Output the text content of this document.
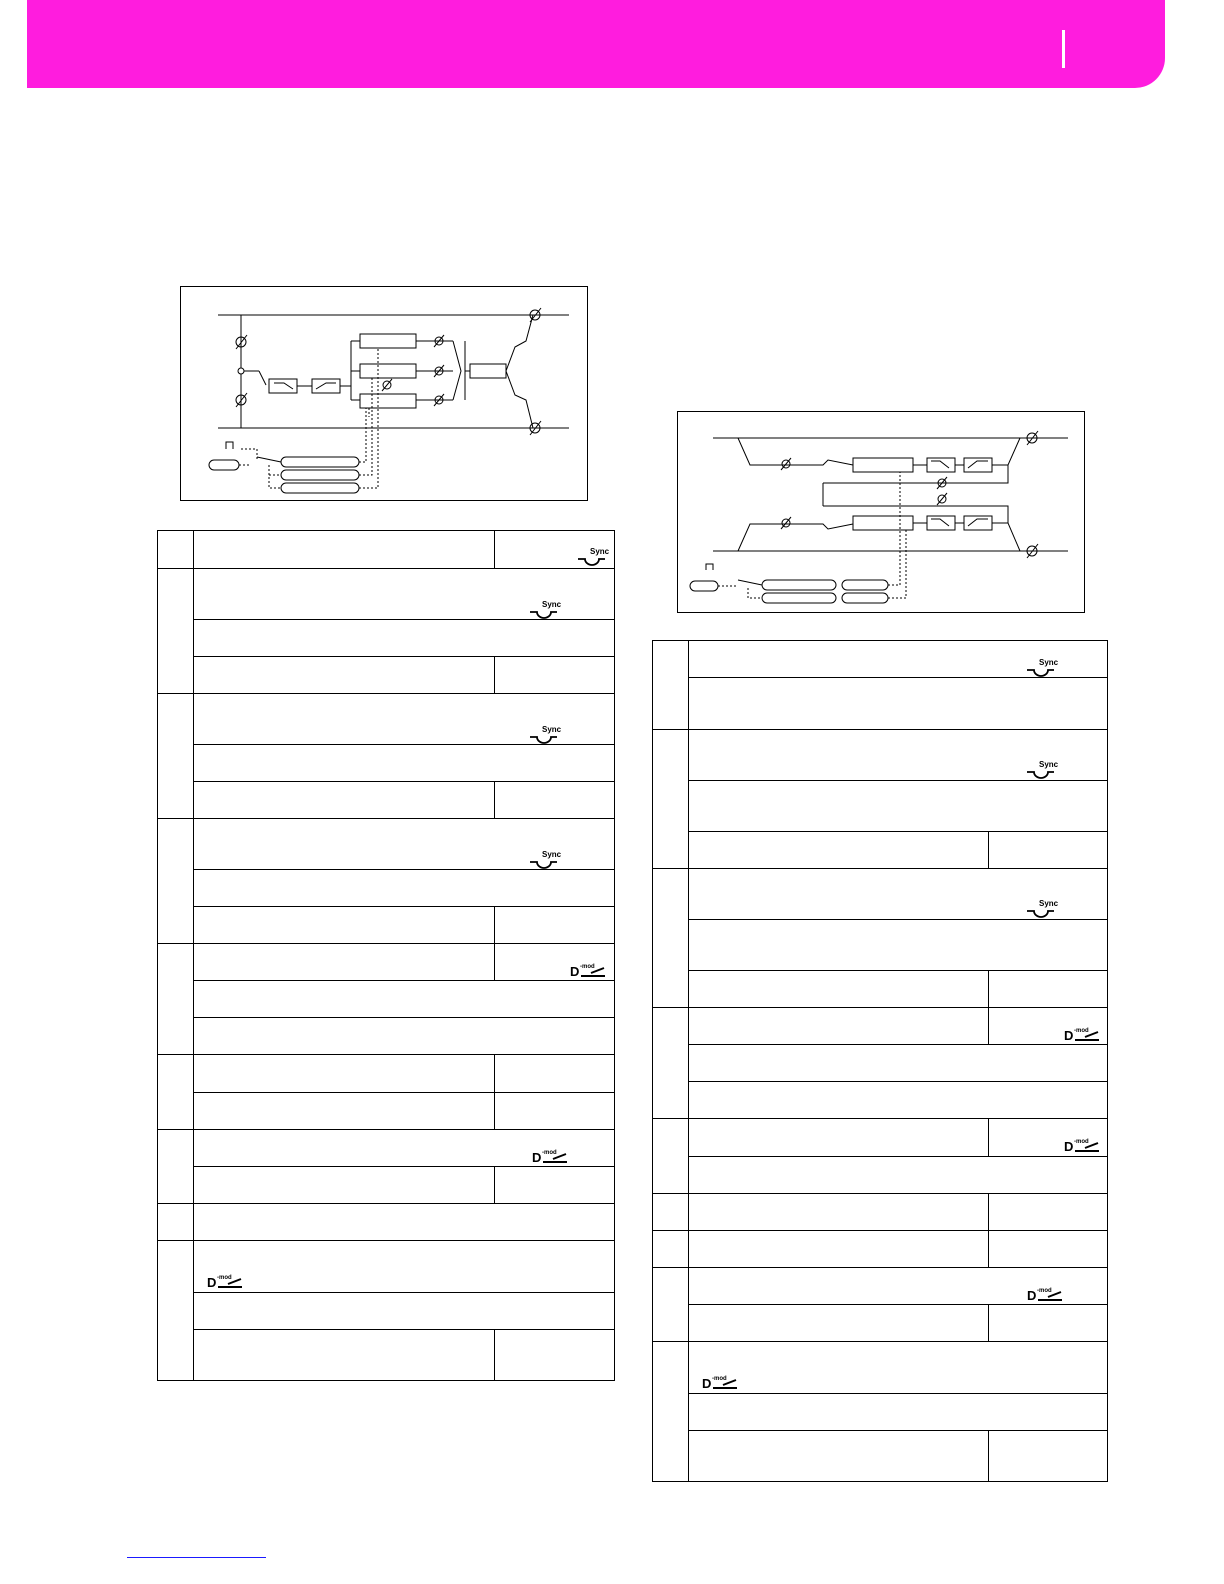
Sync

Sync	

Sync	

Sync	

D -mod

D -mod	

D -mod	

Sync	

Sync	

Sync	

D -mod

D -mod

D -mod	

D -mod	
